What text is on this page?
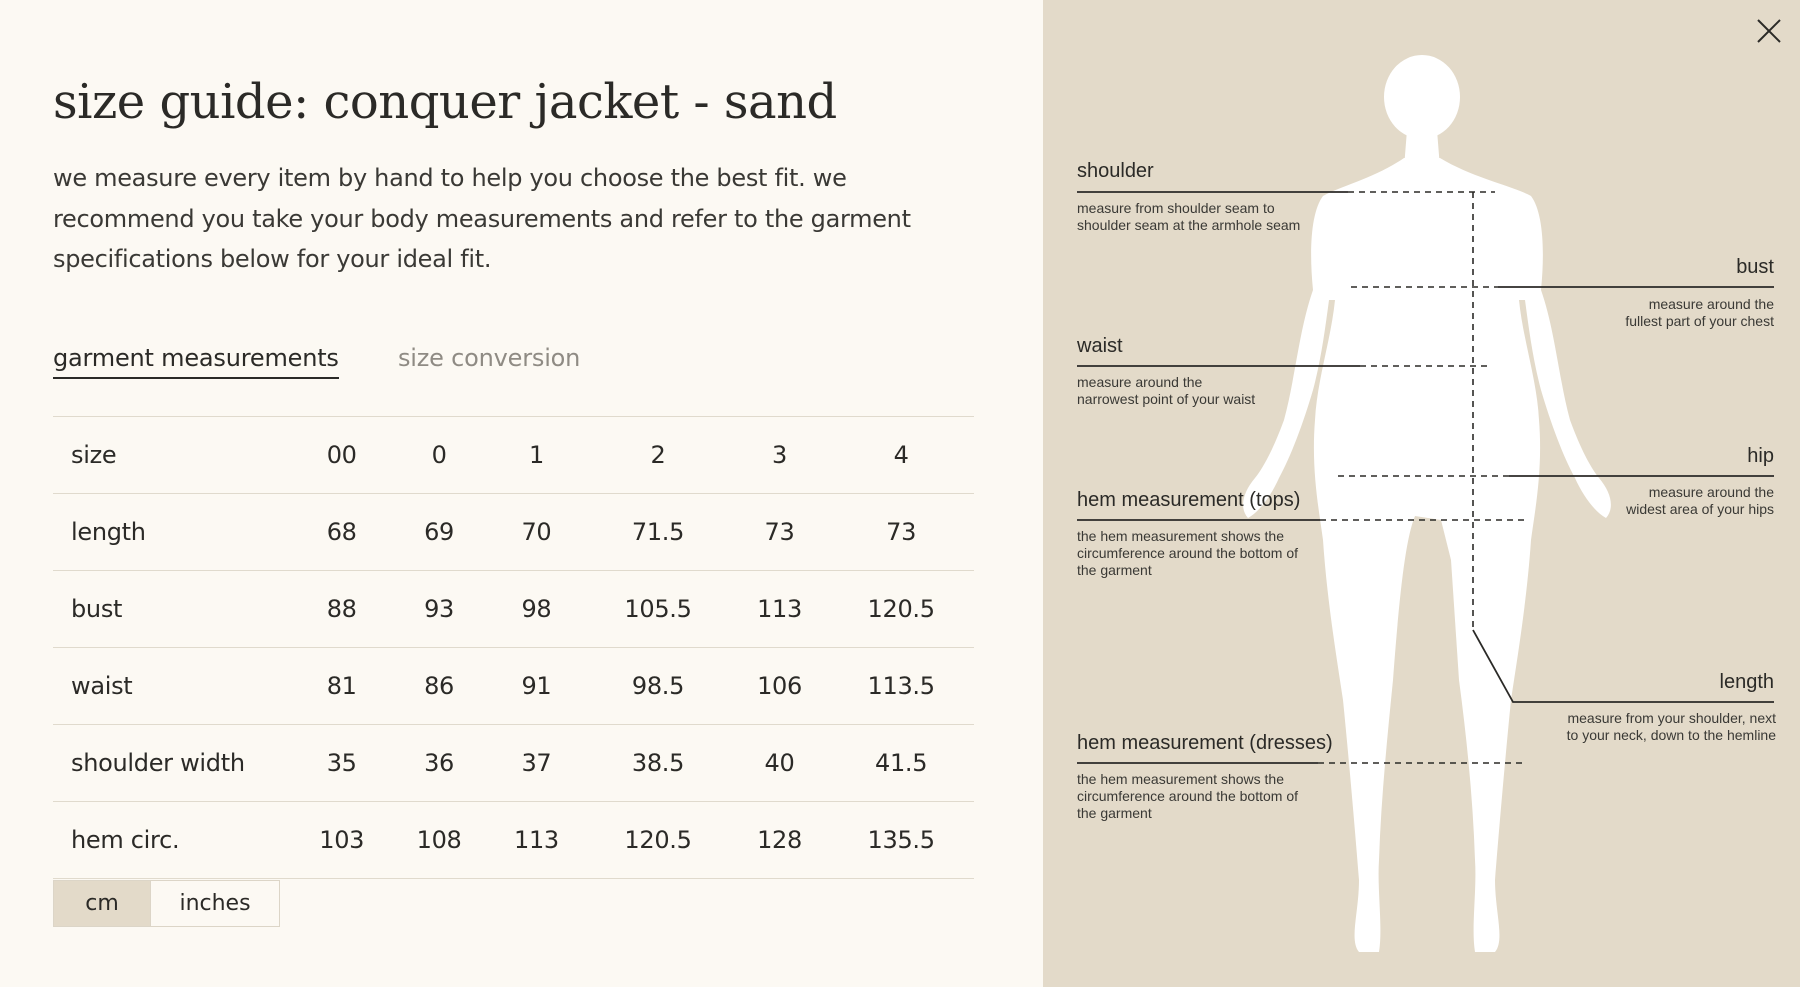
size guide: conquer jacket - sand

we measure every item by hand to help you choose the best fit. we recommend you take your body measurements and refer to the garment specifications below for your ideal fit.

garment measurements size conversion
size	00	0	1	2	3	4
length	68	69	70	71.5	73	73
bust	88	93	98	105.5	113	120.5
waist	81	86	91	98.5	106	113.5
shoulder width	35	36	37	38.5	40	41.5
hem circ.	103	108	113	120.5	128	135.5
cm	inches
shoulder
measure from shoulder seam to
shoulder seam at the armhole seam
bust
measure around the
fullest part of your chest
waist
measure around the
narrowest point of your waist
hip
measure around the
widest area of your hips
hem measurement (tops)
the hem measurement shows the
circumference around the bottom of
the garment
length
measure from your shoulder, next
to your neck, down to the hemline
hem measurement (dresses)
the hem measurement shows the
circumference around the bottom of
the garment
